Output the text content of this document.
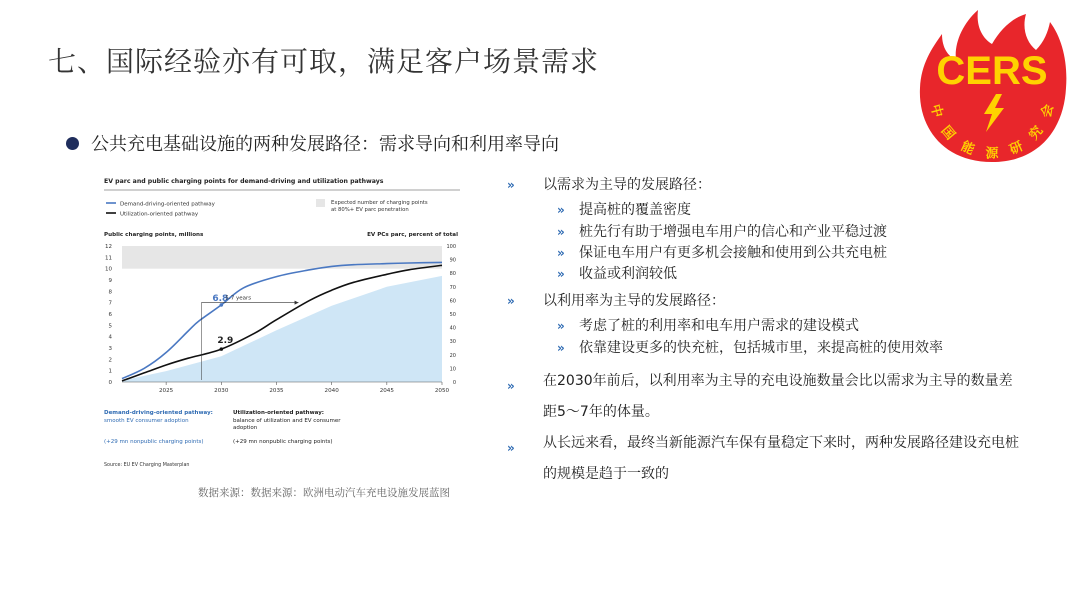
七、国际经验亦有可取，满足客户场景需求	CERS
中
国
能 源 研
究
会
公共充电基础设施的两种发展路径：需求导向和利用率导向
EV parc and public charging points for demand-driving and utilization pathways
Demand-driving-oriented pathway
Utilization-oriented pathway
Expected number of charging points at 80%+ EV parc penetration
Public charging points, millions	EV PCs parc, percent of total
0
1
2
3
4
5
6
7
8
9
10
11
12
0
10
20
30
40
50
60
70
80
90
100
2025	2030	2035	2040	2045	2050
6.8
2.9
5-7 years
Demand-driving-oriented pathway:
smooth EV consumer adoption
(+29 mn nonpublic charging points)
Utilization-oriented pathway:
balance of utilization and EV consumer adoption
(+29 mn nonpublic charging points)
Source: EU EV Charging Masterplan
数据来源：数据来源：欧洲电动汽车充电设施发展蓝图
» 以需求为主导的发展路径：
» 提高桩的覆盖密度
» 桩先行有助于增强电车用户的信心和产业平稳过渡
» 保证电车用户有更多机会接触和使用到公共充电桩
» 收益或利润较低
» 以利用率为主导的发展路径：
» 考虑了桩的利用率和电车用户需求的建设模式
» 依靠建设更多的快充桩，包括城市里，来提高桩的使用效率
» 在2030年前后，以利用率为主导的充电设施数量会比以需求为主导的数量差距5～7年的体量。
» 从长远来看，最终当新能源汽车保有量稳定下来时，两种发展路径建设充电桩的规模是趋于一致的
